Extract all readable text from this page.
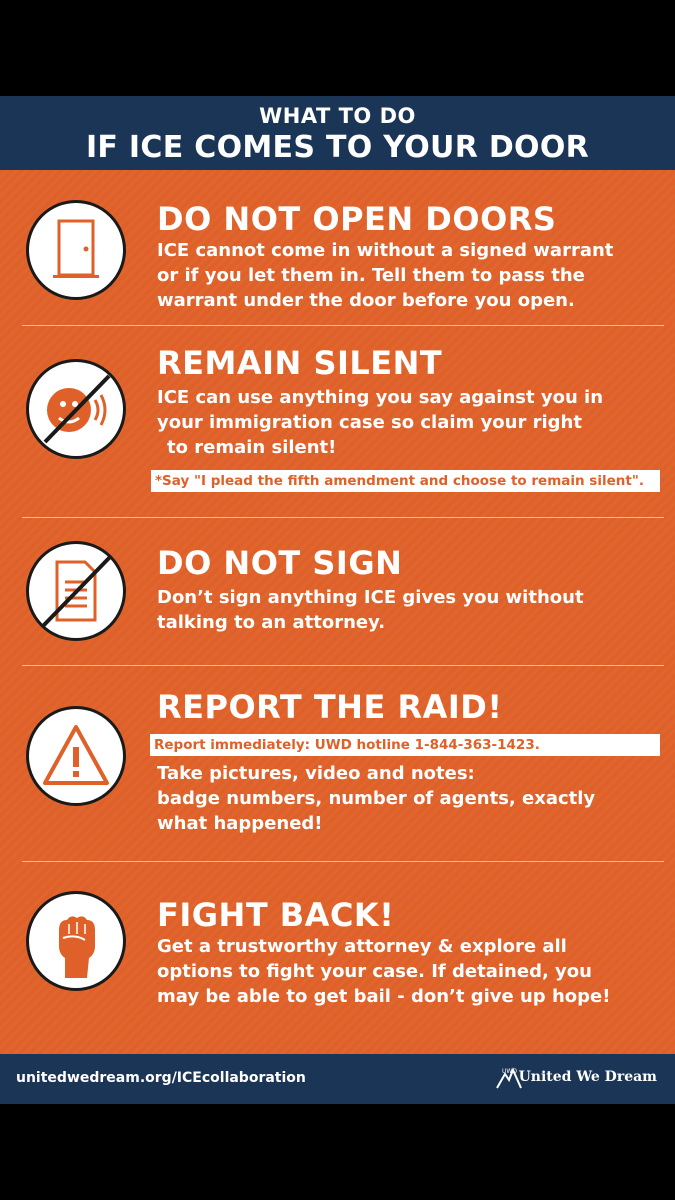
WHAT TO DO
IF ICE COMES TO YOUR DOOR
DO NOT OPEN DOORS
ICE cannot come in without a signed warrant
or if you let them in. Tell them to pass the
warrant under the door before you open.
REMAIN SILENT
ICE can use anything you say against you in
your immigration case so claim your right
to remain silent!
*Say "I plead the fifth amendment and choose to remain silent".
DO NOT SIGN
Don’t sign anything ICE gives you without
talking to an attorney.
REPORT THE RAID!
Report immediately: UWD hotline 1-844-363-1423.
Take pictures, video and notes:
badge numbers, number of agents, exactly
what happened!
FIGHT BACK!
Get a trustworthy attorney & explore all
options to fight your case. If detained, you
may be able to get bail - don’t give up hope!
unitedwedream.org/ICEcollaboration	UWD United We Dream
